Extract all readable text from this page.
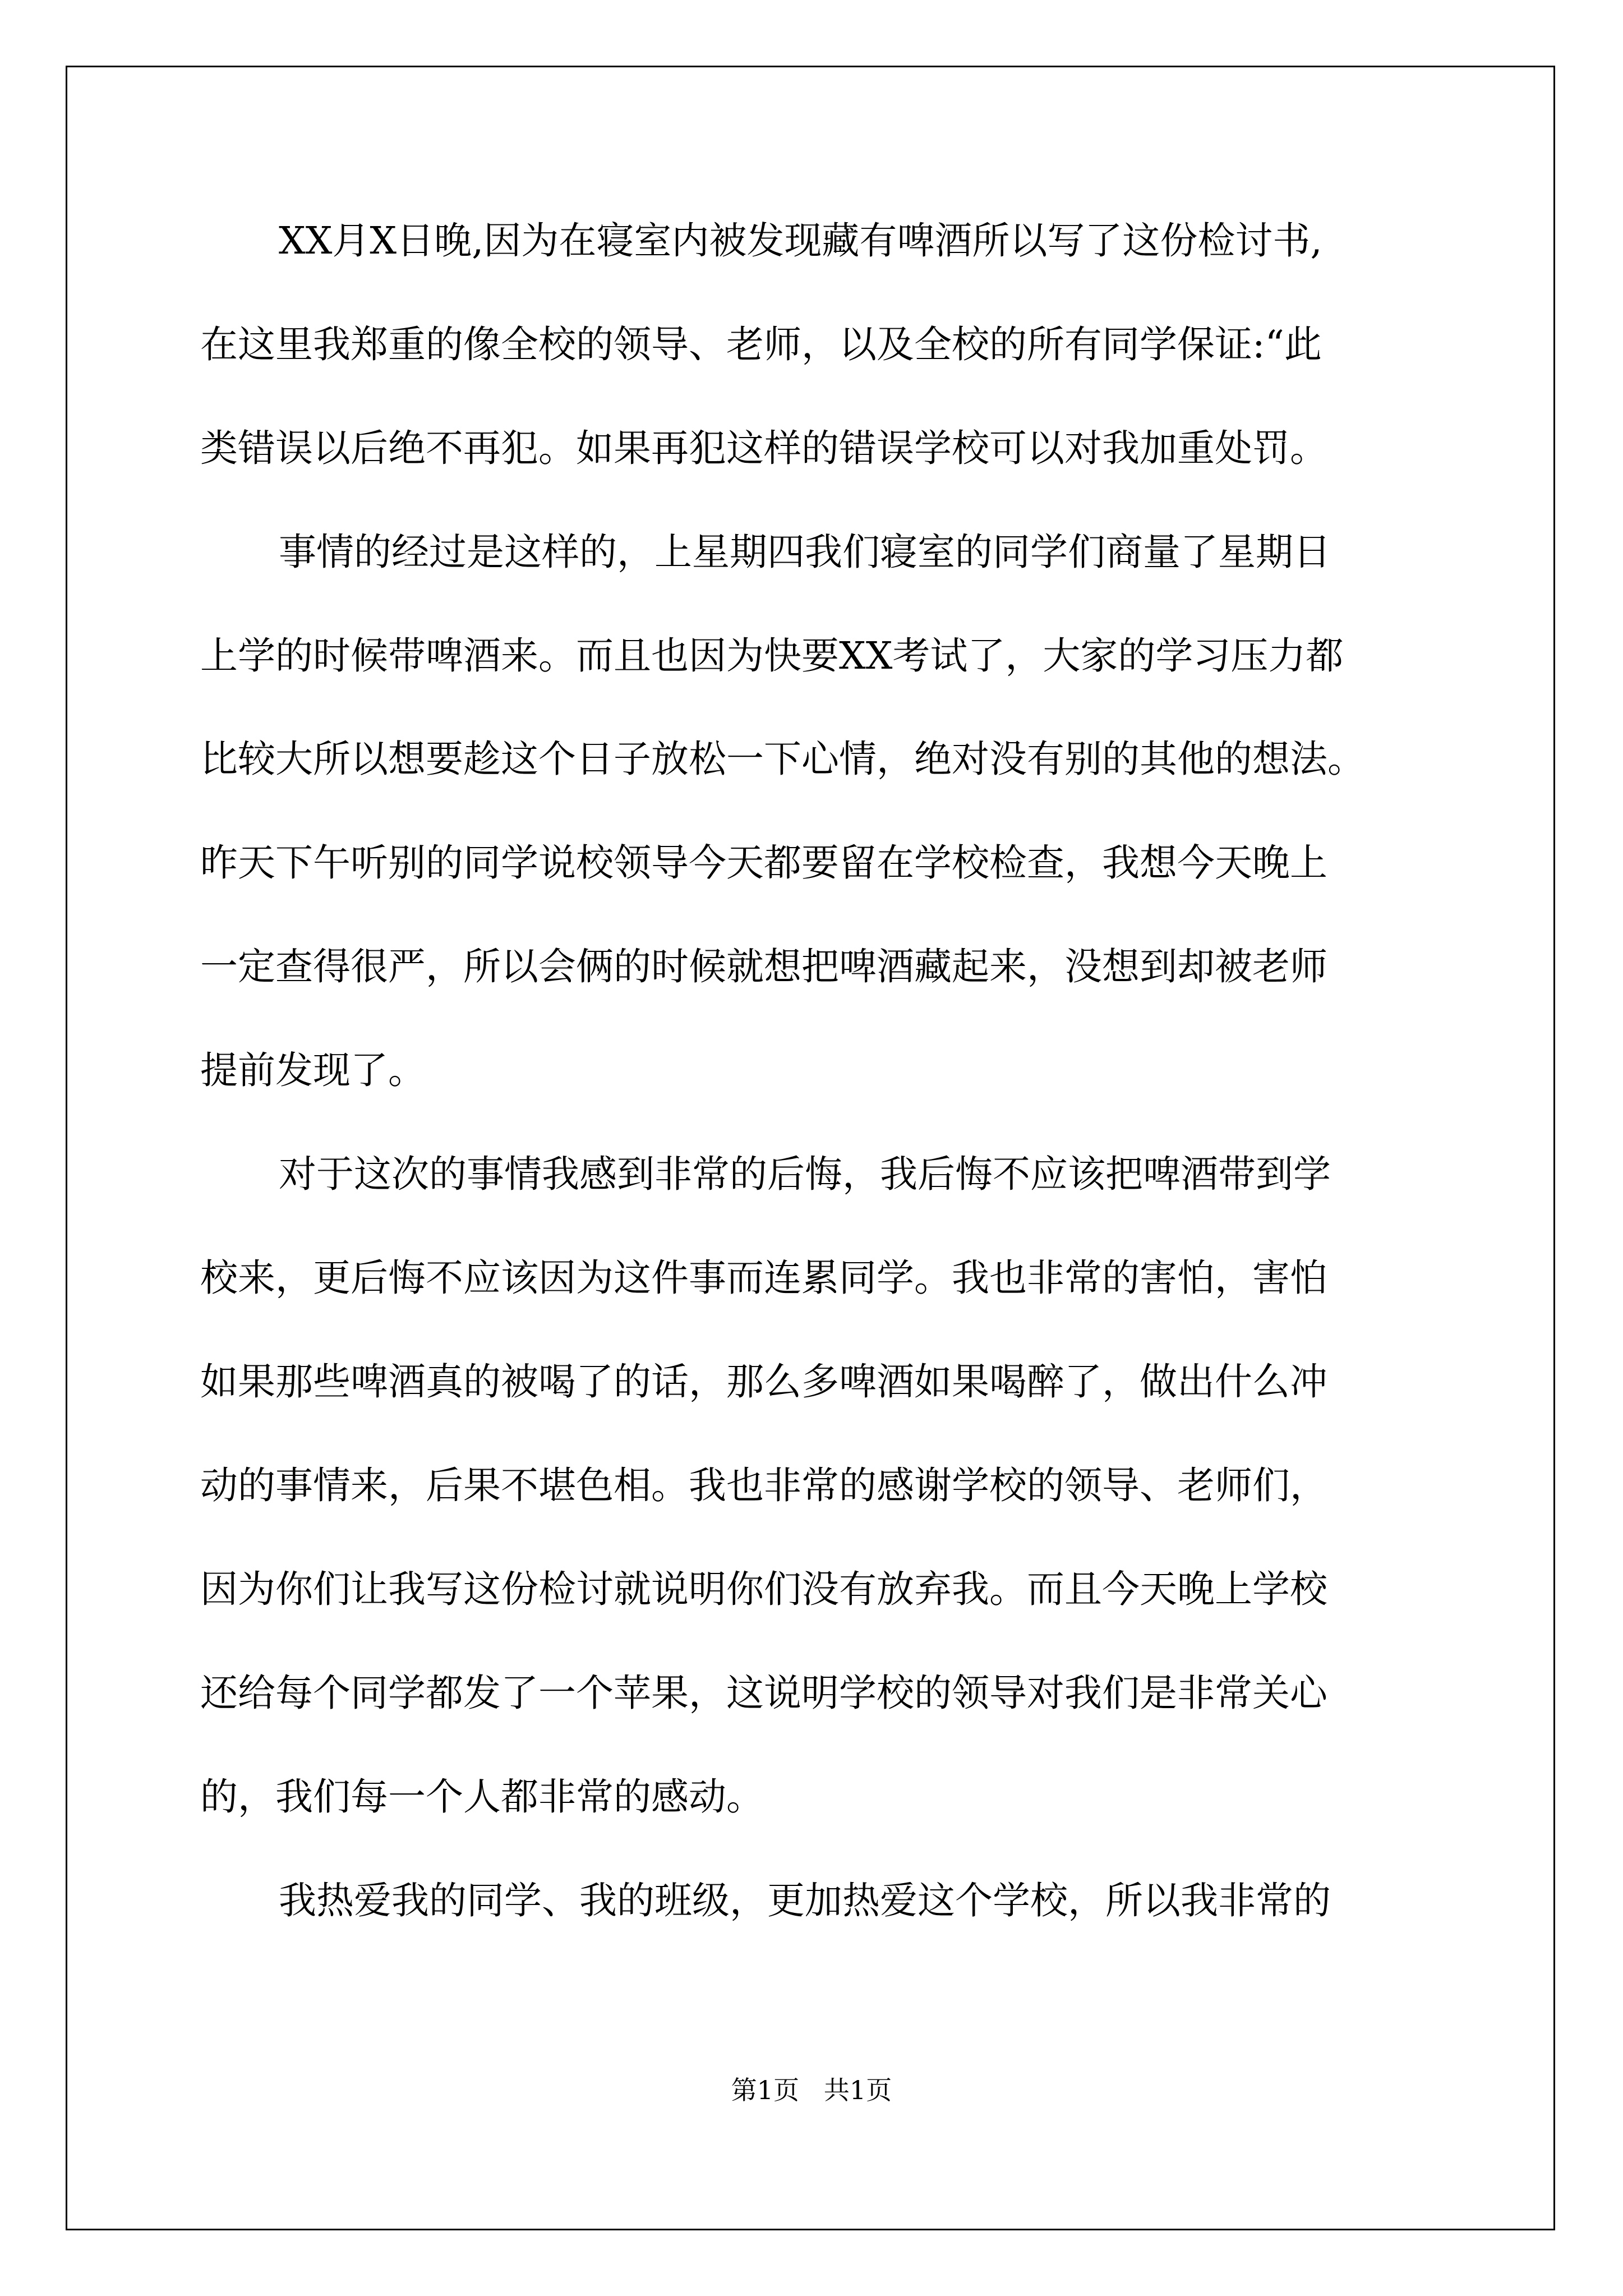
XX月X日晚,因为在寝室内被发现藏有啤酒所以写了这份检讨书,
在这里我郑重的像全校的领导、老师，以及全校的所有同学保证:“此
类错误以后绝不再犯。如果再犯这样的错误学校可以对我加重处罚。
事情的经过是这样的，上星期四我们寝室的同学们商量了星期日
上学的时候带啤酒来。而且也因为快要XX考试了，大家的学习压力都
比较大所以想要趁这个日子放松一下心情，绝对没有别的其他的想法。
昨天下午听别的同学说校领导今天都要留在学校检查，我想今天晚上
一定查得很严，所以会俩的时候就想把啤酒藏起来，没想到却被老师
提前发现了。
对于这次的事情我感到非常的后悔，我后悔不应该把啤酒带到学
校来，更后悔不应该因为这件事而连累同学。我也非常的害怕，害怕
如果那些啤酒真的被喝了的话，那么多啤酒如果喝醉了，做出什么冲
动的事情来，后果不堪色相。我也非常的感谢学校的领导、老师们，
因为你们让我写这份检讨就说明你们没有放弃我。而且今天晚上学校
还给每个同学都发了一个苹果，这说明学校的领导对我们是非常关心
的，我们每一个人都非常的感动。
我热爱我的同学、我的班级，更加热爱这个学校，所以我非常的
第1页   共1页
